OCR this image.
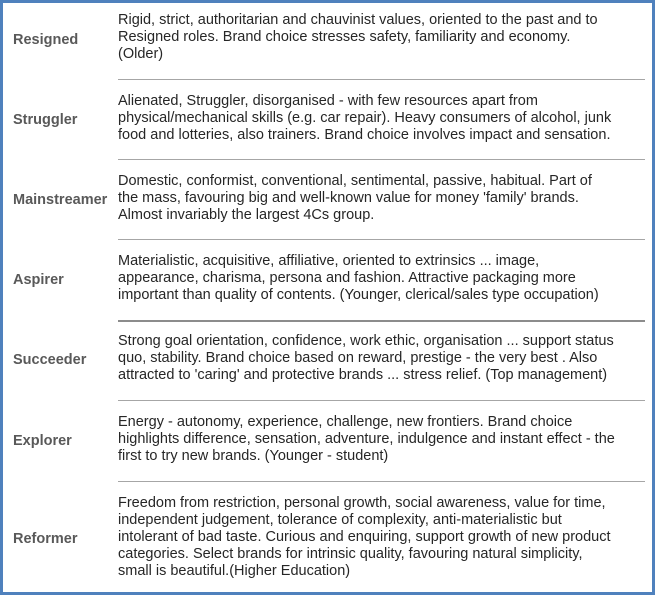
Resigned
Rigid, strict, authoritarian and chauvinist values, oriented to the past and to
Resigned roles. Brand choice stresses safety, familiarity and economy.
(Older)
Struggler
Alienated, Struggler, disorganised - with few resources apart from
physical/mechanical skills (e.g. car repair). Heavy consumers of alcohol, junk
food and lotteries, also trainers. Brand choice involves impact and sensation.
Mainstreamer
Domestic, conformist, conventional, sentimental, passive, habitual. Part of
the mass, favouring big and well-known value for money 'family' brands.
Almost invariably the largest 4Cs group.
Aspirer
Materialistic, acquisitive, affiliative, oriented to extrinsics ... image,
appearance, charisma, persona and fashion. Attractive packaging more
important than quality of contents. (Younger, clerical/sales type occupation)
Succeeder
Strong goal orientation, confidence, work ethic, organisation ... support status
quo, stability. Brand choice based on reward, prestige - the very best . Also
attracted to 'caring' and protective brands ... stress relief. (Top management)
Explorer
Energy - autonomy, experience, challenge, new frontiers. Brand choice
highlights difference, sensation, adventure, indulgence and instant effect - the
first to try new brands. (Younger - student)
Reformer
Freedom from restriction, personal growth, social awareness, value for time,
independent judgement, tolerance of complexity, anti-materialistic but
intolerant of bad taste. Curious and enquiring, support growth of new product
categories. Select brands for intrinsic quality, favouring natural simplicity,
small is beautiful.(Higher Education)
